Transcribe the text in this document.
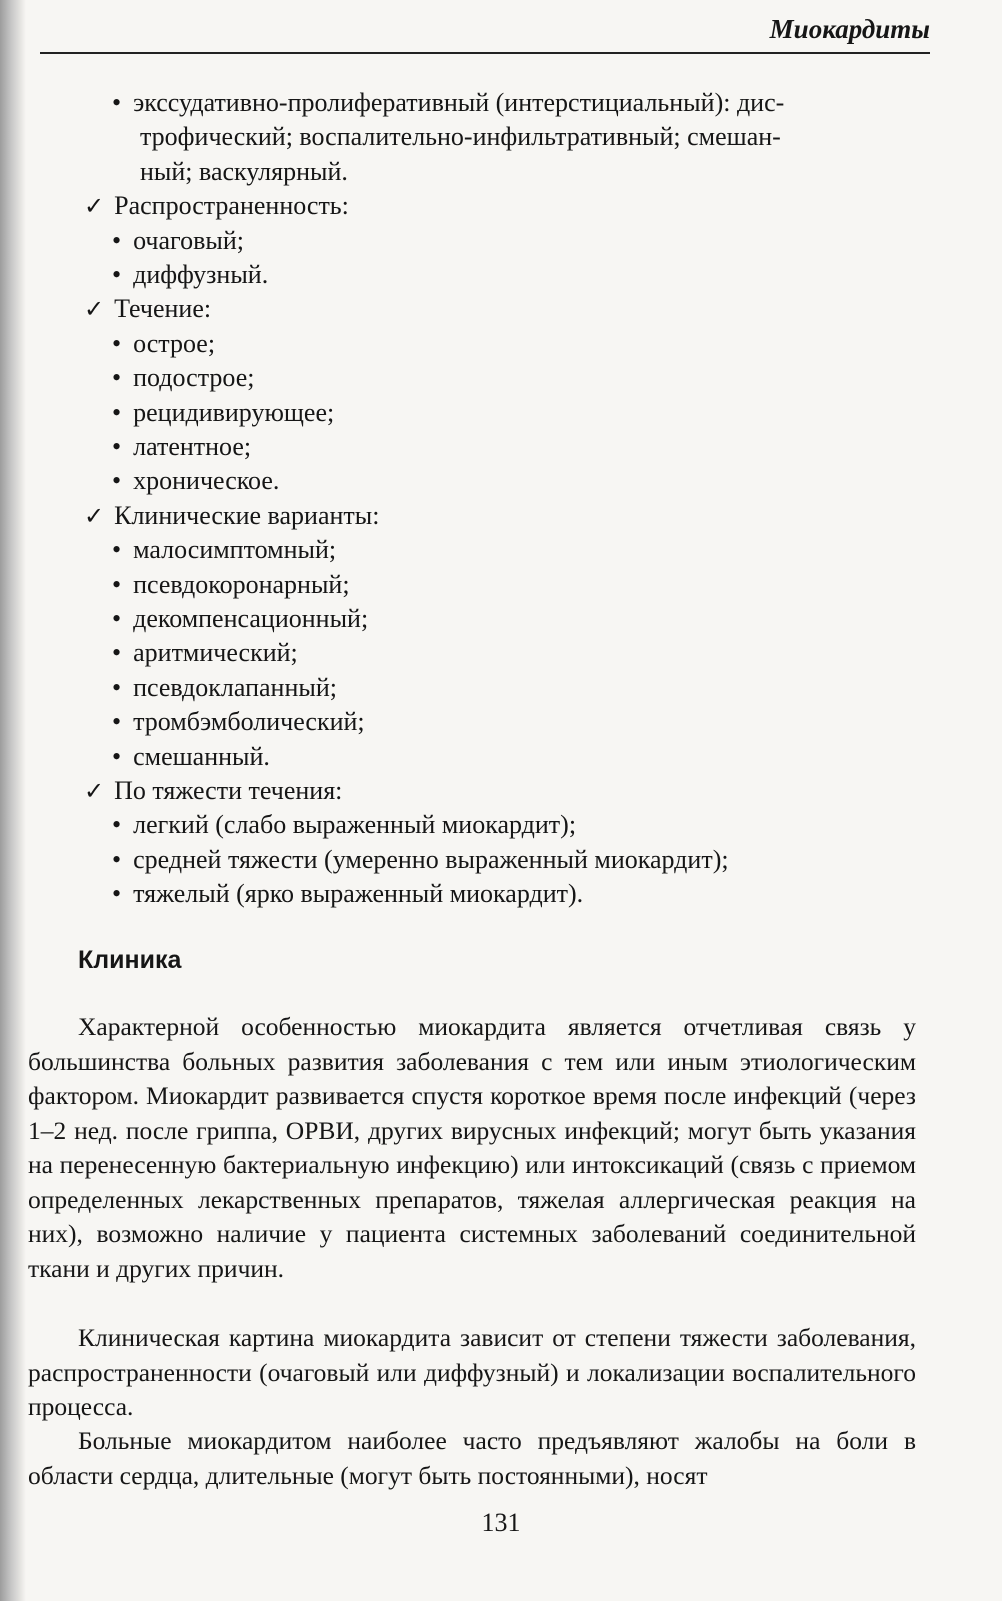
Миокардиты
• экссудативно-пролиферативный (интерстициальный): дис-
трофический; воспалительно-инфильтративный; смешан-
ный; васкулярный.
✓ Распространенность:
• очаговый;
• диффузный.
✓ Течение:
• острое;
• подострое;
• рецидивирующее;
• латентное;
• хроническое.
✓ Клинические варианты:
• малосимптомный;
• псевдокоронарный;
• декомпенсационный;
• аритмический;
• псевдоклапанный;
• тромбэмболический;
• смешанный.
✓ По тяжести течения:
• легкий (слабо выраженный миокардит);
• средней тяжести (умеренно выраженный миокардит);
• тяжелый (ярко выраженный миокардит).
Клиника

Характерной особенностью миокардита является отчетливая связь у большинства больных развития заболевания с тем или иным этиологическим фактором. Миокардит развивается спустя короткое время после инфекций (через 1–2 нед. после гриппа, ОРВИ, других вирусных инфекций; могут быть указания на перенесенную бактериальную инфекцию) или интоксикаций (связь с приемом определенных лекарственных препаратов, тяжелая аллергическая реакция на них), возможно наличие у пациента системных заболеваний соединительной ткани и других причин.

Клиническая картина миокардита зависит от степени тяжести заболевания, распространенности (очаговый или диффузный) и локализации воспалительного процесса.

Больные миокардитом наиболее часто предъявляют жалобы на боли в области сердца, длительные (могут быть постоянными), носят

131
